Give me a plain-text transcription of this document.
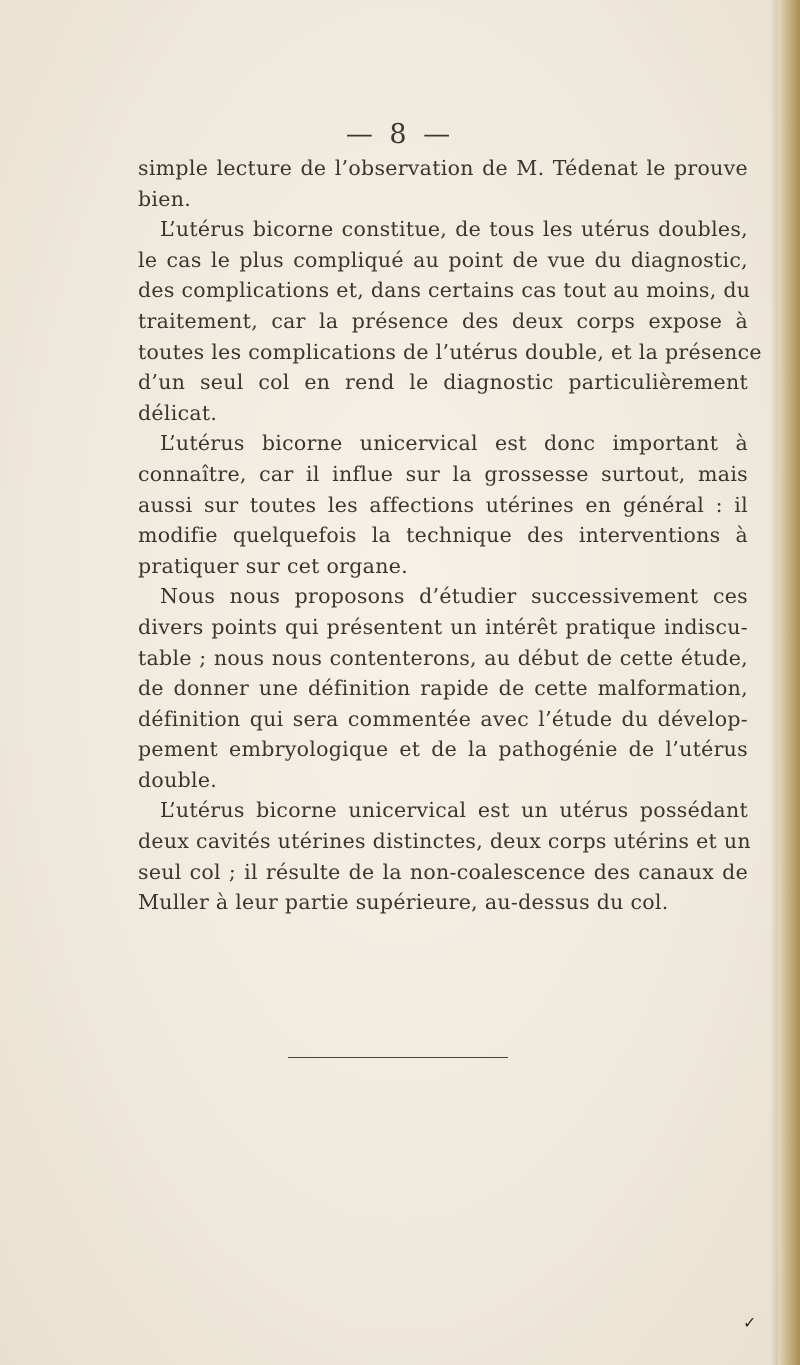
— 8 —
simple lecture de l’observation de M. Tédenat le prouve
bien.
L’utérus bicorne constitue, de tous les utérus doubles,
le cas le plus compliqué au point de vue du diagnostic,
des complications et, dans certains cas tout au moins, du
traitement, car la présence des deux corps expose à
toutes les complications de l’utérus double, et la présence
d’un seul col en rend le diagnostic particulièrement
délicat.
L’utérus bicorne unicervical est donc important à
connaître, car il influe sur la grossesse surtout, mais
aussi sur toutes les affections utérines en général : il
modifie quelquefois la technique des interventions à
pratiquer sur cet organe.
Nous nous proposons d’étudier successivement ces
divers points qui présentent un intérêt pratique indiscu-
table ; nous nous contenterons, au début de cette étude,
de donner une définition rapide de cette malformation,
définition qui sera commentée avec l’étude du dévelop-
pement embryologique et de la pathogénie de l’utérus
double.
L’utérus bicorne unicervical est un utérus possédant
deux cavités utérines distinctes, deux corps utérins et un
seul col ; il résulte de la non-coalescence des canaux de
Muller à leur partie supérieure, au-dessus du col.
✓
